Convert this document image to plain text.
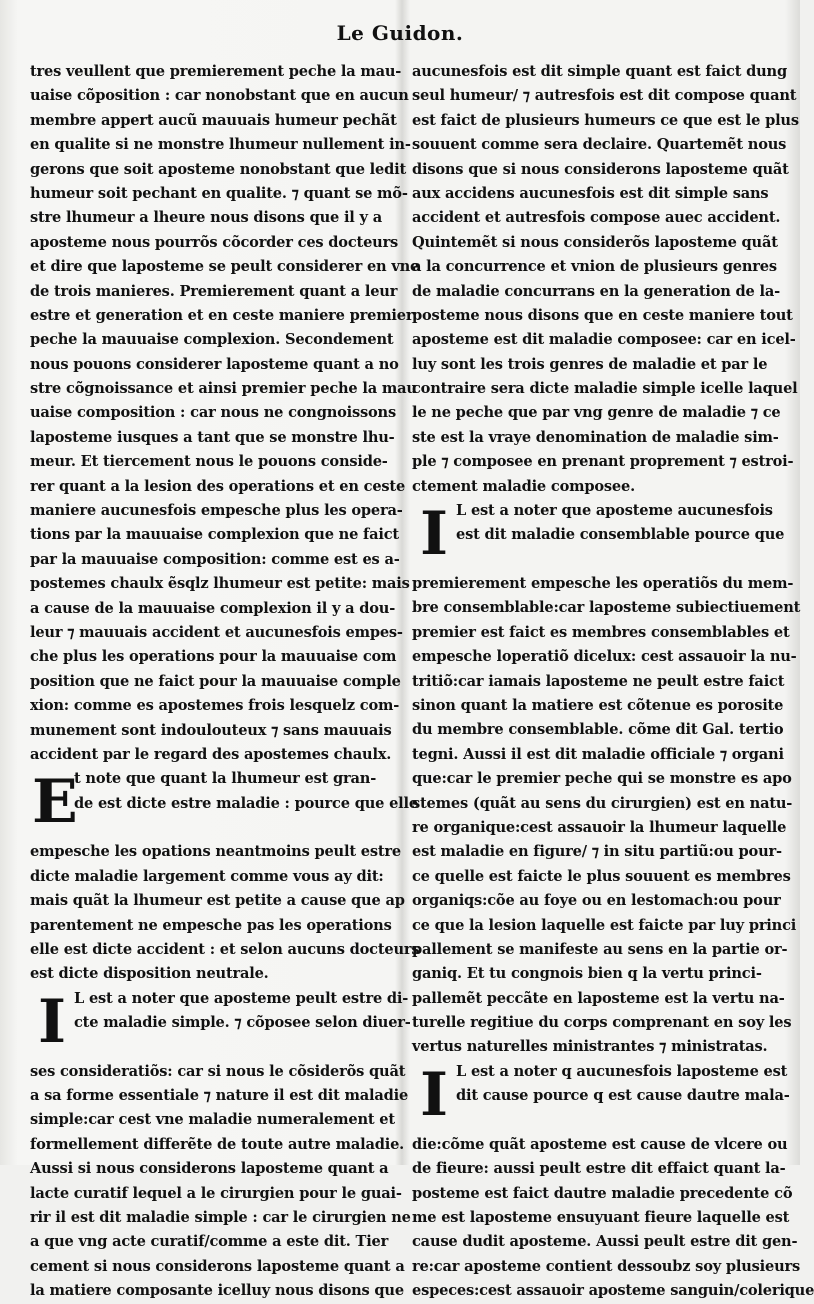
Le Guidon.
tres veullent que premierement peche la mau-
uaise cõposition : car nonobstant que en aucun
membre appert aucũ mauuais humeur pechãt
en qualite si ne monstre lhumeur nullement in-
gerons que soit aposteme nonobstant que ledit
humeur soit pechant en qualite. ⁊ quant se mõ-
stre lhumeur a lheure nous disons que il y a
aposteme nous pourrõs cõcorder ces docteurs
et dire que laposteme se peult considerer en vne
de trois manieres. Premierement quant a leur
estre et generation et en ceste maniere premier
peche la mauuaise complexion. Secondement
nous pouons considerer laposteme quant a no
stre cõgnoissance et ainsi premier peche la mau
uaise composition : car nous ne congnoissons
laposteme iusques a tant que se monstre lhu-
meur. Et tiercement nous le pouons conside-
rer quant a la lesion des operations et en ceste
maniere aucunesfois empesche plus les opera-
tions par la mauuaise complexion que ne faict
par la mauuaise composition: comme est es a-
postemes chaulx ẽsqlz lhumeur est petite: mais
a cause de la mauuaise complexion il y a dou-
leur ⁊ mauuais accident et aucunesfois empes-
che plus les operations pour la mauuaise com
position que ne faict pour la mauuaise comple
xion: comme es apostemes frois lesquelz com-
munement sont indoulouteux ⁊ sans mauuais
accident par le regard des apostemes chaulx.
E
t note que quant la lhumeur est gran-
de est dicte estre maladie : pource que elle
empesche les opations neantmoins peult estre
dicte maladie largement comme vous ay dit:
mais quãt la lhumeur est petite a cause que ap
parentement ne empesche pas les operations
elle est dicte accident : et selon aucuns docteurs
est dicte disposition neutrale.
I L est a noter que aposteme peult estre di-
cte maladie simple. ⁊ cõposee selon diuer-
ses consideratiõs: car si nous le cõsiderõs quãt
a sa forme essentiale ⁊ nature il est dit maladie
simple:car cest vne maladie numeralement et
formellement differẽte de toute autre maladie.
Aussi si nous considerons laposteme quant a
lacte curatif lequel a le cirurgien pour le guai-
rir il est dit maladie simple : car le cirurgien ne
a que vng acte curatif/comme a este dit. Tier
cement si nous considerons laposteme quant a
la matiere composante icelluy nous disons que
aucunesfois est dit simple quant est faict dung
seul humeur/ ⁊ autresfois est dit compose quant
est faict de plusieurs humeurs ce que est le plus
souuent comme sera declaire. Quartemẽt nous
disons que si nous considerons laposteme quãt
aux accidens aucunesfois est dit simple sans
accident et autresfois compose auec accident.
Quintemẽt si nous considerõs laposteme quãt
a la concurrence et vnion de plusieurs genres
de maladie concurrans en la generation de la-
posteme nous disons que en ceste maniere tout
aposteme est dit maladie composee: car en icel-
luy sont les trois genres de maladie et par le
contraire sera dicte maladie simple icelle laquel
le ne peche que par vng genre de maladie ⁊ ce
ste est la vraye denomination de maladie sim-
ple ⁊ composee en prenant proprement ⁊ estroi-
ctement maladie composee.
I L est a noter que aposteme aucunesfois
est dit maladie consemblable pource que
premierement empesche les operatiõs du mem-
bre consemblable:car laposteme subiectiuement
premier est faict es membres consemblables et
empesche loperatiõ dicelux: cest assauoir la nu-
tritiõ:car iamais laposteme ne peult estre faict
sinon quant la matiere est cõtenue es porosite
du membre consemblable. cõme dit Gal. tertio
tegni. Aussi il est dit maladie officiale ⁊ organi
que:car le premier peche qui se monstre es apo
stemes (quãt au sens du cirurgien) est en natu-
re organique:cest assauoir la lhumeur laquelle
est maladie en figure/ ⁊ in situ partiũ:ou pour-
ce quelle est faicte le plus souuent es membres
organiqs:cõe au foye ou en lestomach:ou pour
ce que la lesion laquelle est faicte par luy princi
pallement se manifeste au sens en la partie or-
ganiq. Et tu congnois bien q la vertu princi-
pallemẽt peccãte en laposteme est la vertu na-
turelle regitiue du corps comprenant en soy les
vertus naturelles ministrantes ⁊ ministratas.
I L est a noter q aucunesfois laposteme est
dit cause pource q est cause dautre mala-
die:cõme quãt aposteme est cause de vlcere ou
de fieure: aussi peult estre dit effaict quant la-
posteme est faict dautre maladie precedente cõ
me est laposteme ensuyuant fieure laquelle est
cause dudit aposteme. Aussi peult estre dit gen-
re:car aposteme contient dessoubz soy plusieurs
especes:cest assauoir aposteme sanguin/colerique
